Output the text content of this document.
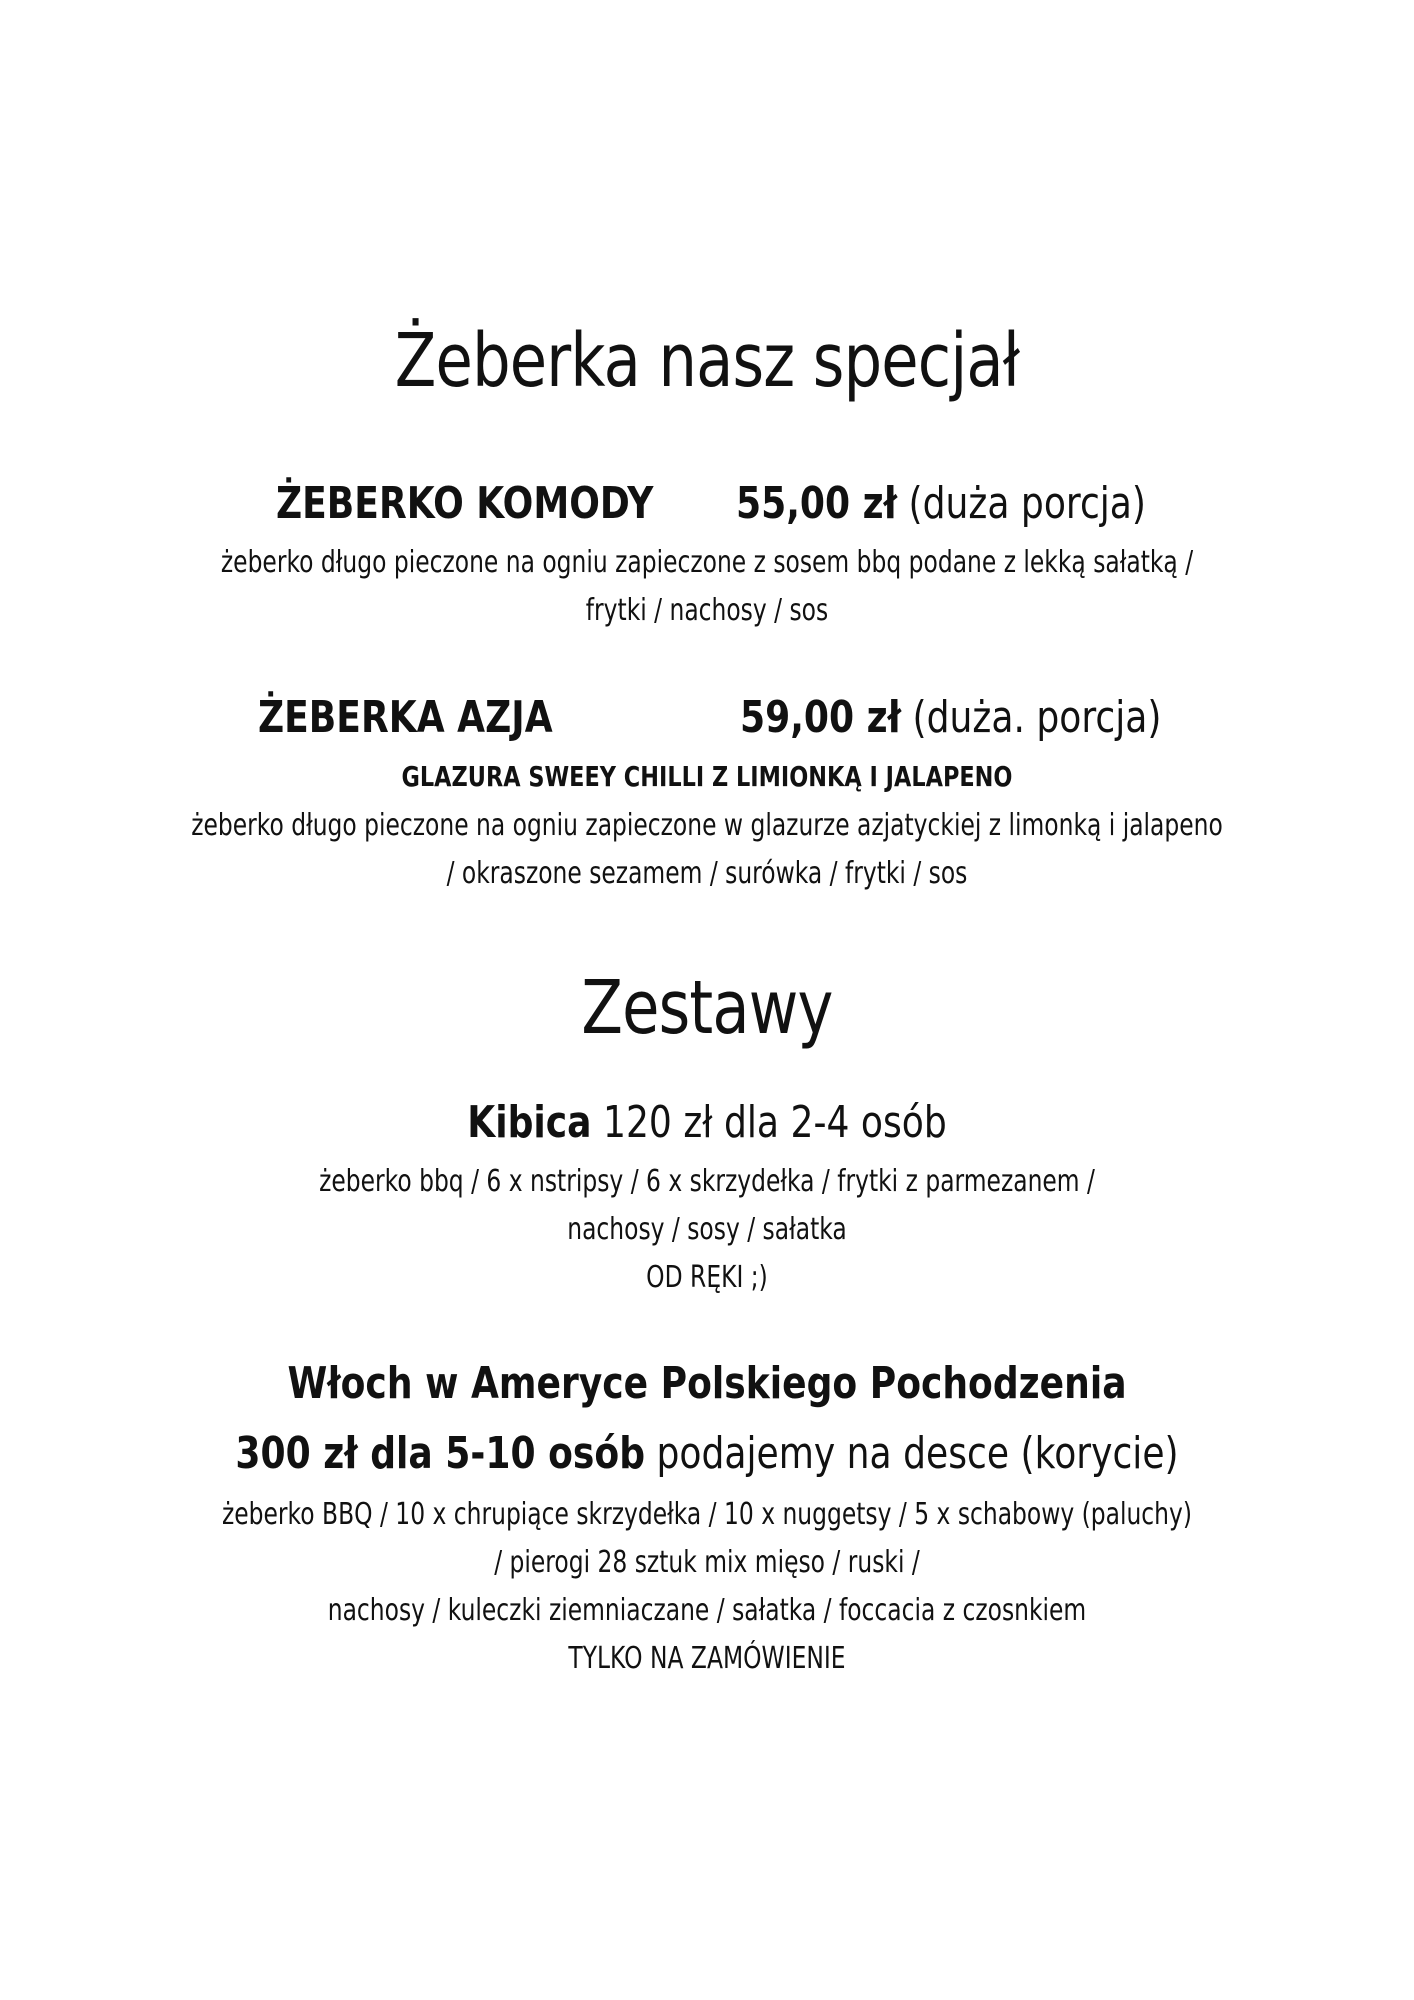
Żeberka nasz specjał
ŻEBERKO KOMODY 55,00 zł (duża porcja)
żeberko długo pieczone na ogniu zapieczone z sosem bbq podane z lekką sałatką /
frytki / nachosy / sos
ŻEBERKA AZJA	59,00 zł (duża. porcja)
GLAZURA SWEEY CHILLI Z LIMIONKĄ I JALAPENO
żeberko długo pieczone na ogniu zapieczone w glazurze azjatyckiej z limonką i jalapeno
/ okraszone sezamem / surówka / frytki / sos
Zestawy
Kibica 120 zł dla 2-4 osób
żeberko bbq / 6 x nstripsy / 6 x skrzydełka / frytki z parmezanem /
nachosy / sosy / sałatka
OD RĘKI ;)
Włoch w Ameryce Polskiego Pochodzenia
300 zł dla 5-10 osób podajemy na desce (korycie)
żeberko BBQ / 10 x chrupiące skrzydełka / 10 x nuggetsy / 5 x schabowy (paluchy)
/ pierogi 28 sztuk mix mięso / ruski /
nachosy / kuleczki ziemniaczane / sałatka / foccacia z czosnkiem
TYLKO NA ZAMÓWIENIE
